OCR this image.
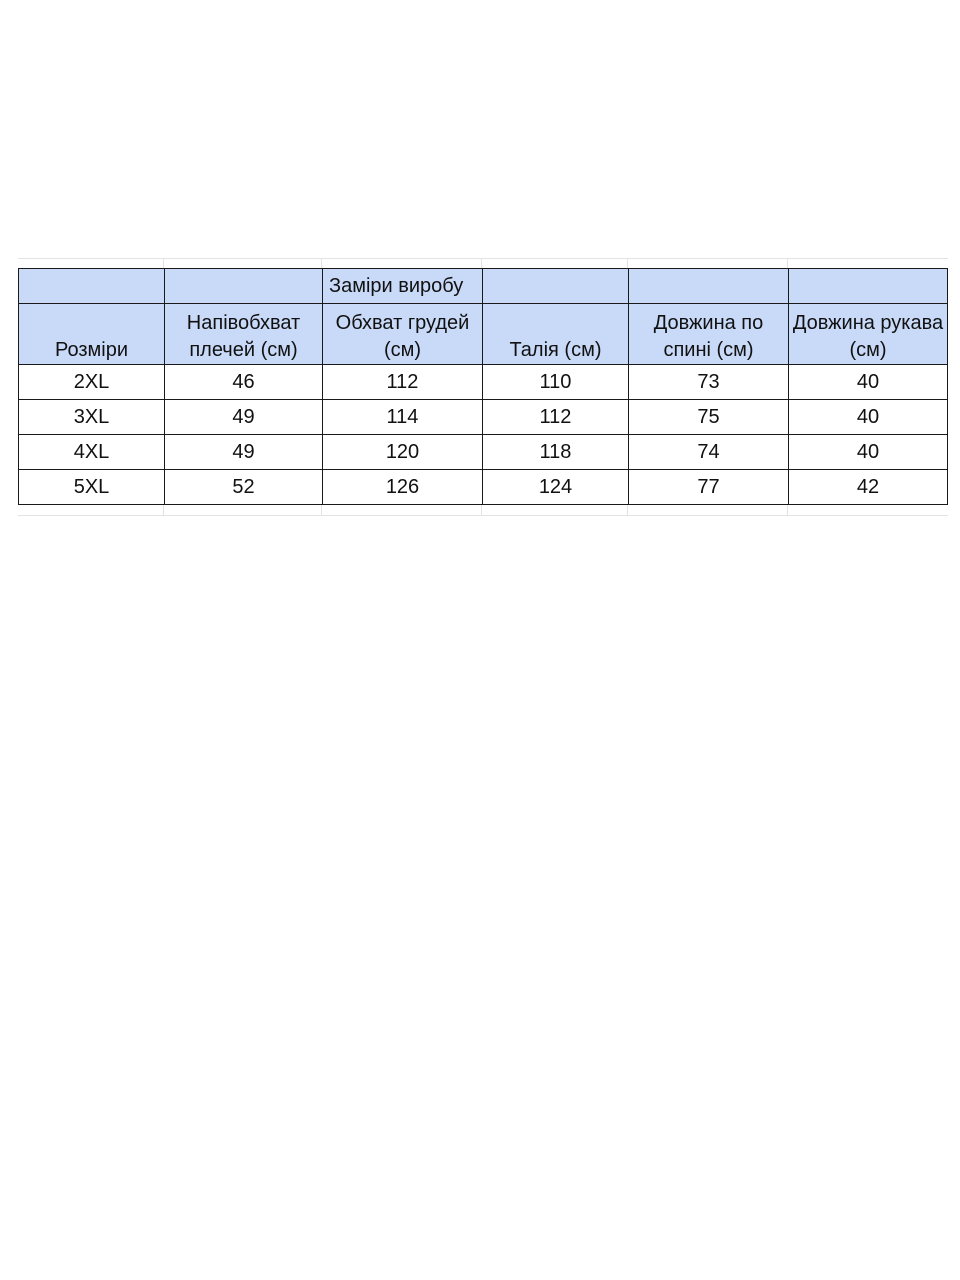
		Заміри виробу			
Розміри	Напівобхват плечей (см)	Обхват грудей (см)	Талія (см)	Довжина по спині (см)	Довжина рукава (см)
2XL	46	112	110	73	40
3XL	49	114	112	75	40
4XL	49	120	118	74	40
5XL	52	126	124	77	42
